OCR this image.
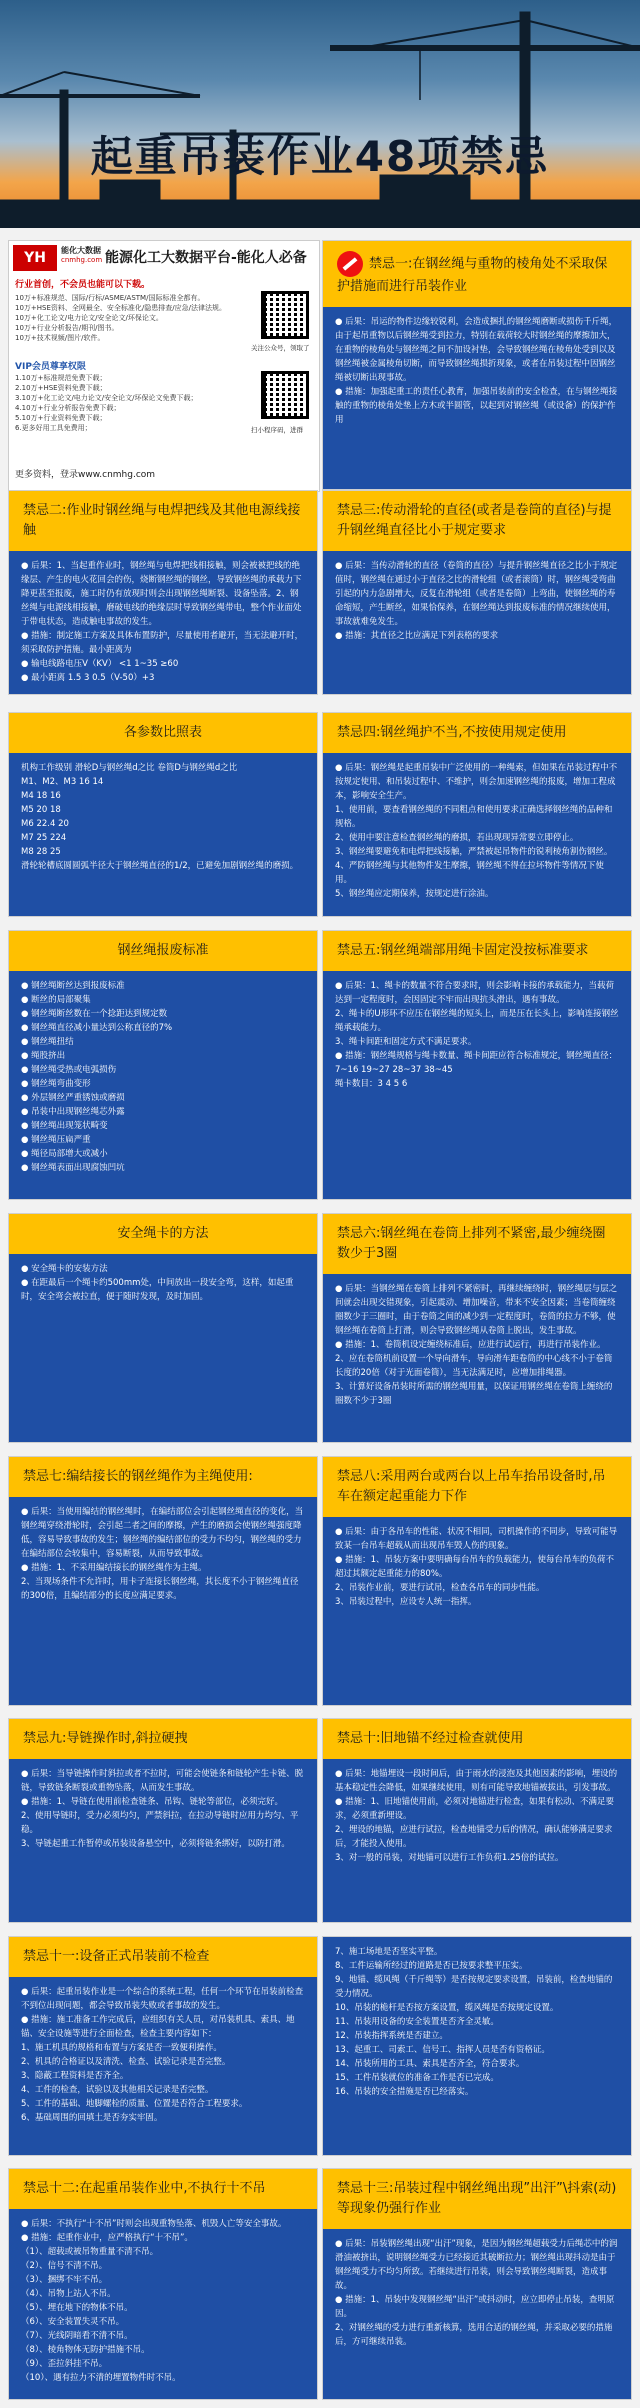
起重吊装作业48项禁忌
YH	能化大数据
cnmhg.com 能源化工大数据平台-能化人必备
行业首创，不会员也能可以下载。
10万+标准规范、国际/行标/ASME/ASTM/国际标准全都有。
10万+HSE资料、全网最全、安全标准化/隐患排查/应急/法律法规。
10万+化工论文/电力论文/安全论文/环保论文。
10万+行业分析报告/期刊/图书。
10万+技术视频/图片/软件。
关注公众号，领取了
VIP会员尊享权限
1.10万+标准规范免费下载；
2.10万+HSE资料免费下载；
3.10万+化工论文/电力论文/安全论文/环保论文免费下载；
4.10万+行业分析报告免费下载；
5.10万+行业资料免费下载；
6.更多好用工具免费用；	扫小程序码，进群
更多资料，登录www.cnmhg.com
禁忌一:在钢丝绳与重物的棱角处不采取保护措施而进行吊装作业
● 后果：吊运的物件边缘较锐利，会造成捆扎的钢丝绳磨断或损伤千斤绳，由于起吊重物以后钢丝绳受到拉力，特别在载荷较大时钢丝绳的摩擦加大，在重物的棱角处与钢丝绳之间不加设衬垫，会导致钢丝绳在棱角处受到以及钢丝绳被金属棱角切断，而导致钢丝绳损折现象，或者在吊装过程中因钢丝绳被切断出现事故。
● 措施：加强起重工的责任心教育，加强吊装前的安全检查，在与钢丝绳接触的重物的棱角处垫上方木或半圆管，以起到对钢丝绳（或设备）的保护作用
禁忌二:作业时钢丝绳与电焊把线及其他电源线接触
● 后果：1、当起重作业时，钢丝绳与电焊把线相接触，则会被被把线的绝缘层、产生的电火花回会的伤，烧断钢丝绳的钢丝，导致钢丝绳的承载力下降更甚至报废，施工时仍有放现时则会出现钢丝绳断裂、设备坠落。2、钢丝绳与电源线相接触，磨破电线的绝缘层时导致钢丝绳带电，整个作业面处于带电状态，造成触电事故的发生。
● 措施：制定施工方案及具体布置防护，尽量使用者避开，当无法避开时，须采取防护措施。最小距离为
● 输电线路电压V（KV） <1 1~35 ≥60
● 最小距离 1.5 3 0.5（V-50）+3
禁忌三:传动滑轮的直径(或者是卷筒的直径)与提升钢丝绳直径比小于规定要求
● 后果：当传动滑轮的直径（卷筒的直径）与提升钢丝绳直径之比小于规定值时，钢丝绳在通过小于直径之比的滑轮组（或者滚筒）时，钢丝绳受弯曲引起的内力急剧增大，反复在滑轮组（或者是卷筒）上弯曲，使钢丝绳的寿命缩短，产生断丝，如果恰保养，在钢丝绳达到报废标准的情况继续使用，事故就难免发生。
● 措施：其直径之比应满足下列表格的要求
各参数比照表
机构工作级别 滑轮D与钢丝绳d之比 卷筒D与钢丝绳d之比
M1、M2、M3 16 14
M4 18 16
M5 20 18
M6 22.4 20
M7 25 224
M8 28 25
滑轮轮槽底圆圆弧半径大于钢丝绳直径的1/2，已避免加剧钢丝绳的磨损。
禁忌四:钢丝绳护不当,不按使用规定使用
● 后果：钢丝绳是起重吊装中广泛使用的一种绳索，但如果在吊装过程中不按规定使用、和吊装过程中、不维护，则会加速钢丝绳的报废，增加工程成本，影响安全生产。
1、使用前，要查看钢丝绳的不同粗点和使用要求正确选择钢丝绳的品种和规格。
2、使用中要注意检查钢丝绳的磨损，若出现现异常要立即停止。
3、钢丝绳要避免和电焊把线接触，严禁被起吊物件的锐利棱角割伤钢丝。
4、严防钢丝绳与其他物件发生摩擦，钢丝绳不得在拉坏物件等情况下使用。
5、钢丝绳应定期保养，按规定进行涂油。
钢丝绳报废标准
● 钢丝绳断丝达到报废标准
● 断丝的局部聚集
● 钢丝绳断丝数在一个捻距达到规定数
● 钢丝绳直径减小量达到公称直径的7%
● 钢丝绳扭结
● 绳股挤出
● 钢丝绳受热或电弧损伤
● 钢丝绳弯曲变形
● 外层钢丝严重锈蚀或磨损
● 吊装中出现钢丝绳芯外露
● 钢丝绳出现笼状畸变
● 钢丝绳压扁严重
● 绳径局部增大或减小
● 钢丝绳表面出现腐蚀凹坑
禁忌五:钢丝绳端部用绳卡固定没按标准要求
● 后果：1、绳卡的数量不符合要求时，则会影响卡接的承载能力，当载荷达到一定程度时，会因固定不牢而出现抗头滑出，遇有事故。
2、绳卡的U形环不应压在钢丝绳的短头上，而是压在长头上，影响连接钢丝绳承载能力。
3、绳卡间距和固定方式不满足要求。
● 措施：钢丝绳规格与绳卡数量、绳卡间距应符合标准规定，钢丝绳直径：7~16 19~27 28~37 38~45
绳卡数目：3 4 5 6
安全绳卡的方法
● 安全绳卡的安装方法
● 在距最后一个绳卡约500mm处，中间放出一段安全弯，这样，如起重时，安全弯会被拉直，便于随时发现，及时加固。
禁忌六:钢丝绳在卷筒上排列不紧密,最少缠绕圈数少于3圈
● 后果：当钢丝绳在卷筒上排列不紧密时，再继续缠绕时，钢丝绳层与层之间就会出现交错现象，引起震动、增加噪音，带来不安全因素；当卷筒缠绕圈数少于三圈时，由于卷筒之间的减少到一定程度时，卷筒的拉力不够，使钢丝绳在卷筒上打滑，则会导致钢丝绳从卷筒上脱出，发生事故。
● 措施：1、卷筒机设定缠绕标准后，应进行试运行，再进行吊装作业。
2、应在卷筒机前设置一个导向滑车，导向滑车距卷筒的中心线不小于卷筒长度的20倍（对于光面卷筒），当无法满足时，应增加排绳器。
3、计算好设备吊装时所需的钢丝绳用量，以保证用钢丝绳在卷筒上缠绕的圈数不少于3圈
禁忌七:编结接长的钢丝绳作为主绳使用:
● 后果：当使用编结的钢丝绳时，在编结部位会引起钢丝绳直径的变化，当钢丝绳穿绕滑轮时，会引起二者之间的摩擦，产生的磨损会使钢丝绳强度降低，容易导致事故的发生；钢丝绳的编结部位的受力不均匀，钢丝绳的受力在编结部位会较集中，容易断裂，从而导致事故。
● 措施：1、不采用编结接长的钢丝绳作为主绳。
2、当现场条件不允许时，用卡子连接长钢丝绳，其长度不小于钢丝绳直径的300倍，且编结部分的长度应满足要求。
禁忌八:采用两台或两台以上吊车抬吊设备时,吊车在额定起重能力下作
● 后果：由于各吊车的性能、状况不相同，司机操作的不同步，导致可能导致某一台吊车超载从而出现吊车毁人伤的现象。
● 措施：1、吊装方案中要明确每台吊车的负载能力，使每台吊车的负荷不超过其额定起重能力的80%。
2、吊装作业前，要进行试吊，检查各吊车的同步性能。
3、吊装过程中，应设专人统一指挥。
禁忌九:导链操作时,斜拉硬拽
● 后果：当导链操作时斜拉或者不拉时，可能会使链条和链轮产生卡链、脱链，导致链条断裂或重物坠落，从而发生事故。
● 措施：1、导链在使用前检查链条、吊钩、链轮等部位，必须完好。
2、使用导链时，受力必须均匀，严禁斜拉，在拉动导链时应用力均匀、平稳。
3、导链起重工作暂停或吊装设备悬空中，必须将链条绑好，以防打滑。
禁忌十:旧地锚不经过检查就使用
● 后果：地锚埋设一段时间后，由于雨水的浸泡及其他因素的影响，埋设的基本稳定性会降低，如果继续使用，则有可能导致地锚被拔出，引发事故。
● 措施：1、旧地锚使用前，必须对地锚进行检查，如果有松动、不满足要求，必须重新埋设。
2、埋设的地锚，应进行试拉，检查地锚受力后的情况，确认能够满足要求后，才能投入使用。
3、对一般的吊装，对地锚可以进行工作负荷1.25倍的试拉。
禁忌十一:设备正式吊装前不检查
● 后果：起重吊装作业是一个综合的系统工程，任何一个环节在吊装前检查不到位出现问题，都会导致吊装失败或者事故的发生。
● 措施：施工准备工作完成后，应组织有关人员，对吊装机具、索具、地锚、安全设施等进行全面检查，检查主要内容如下：
1、施工机具的规格和布置与方案是否一致便利操作。
2、机具的合格证以及清洗、检查、试验记录是否完整。
3、隐蔽工程资料是否齐全。
4、工件的检查，试验以及其他相关记录是否完整。
5、工件的基础、地脚螺栓的质量、位置是否符合工程要求。
6、基础周围的回填土是否夯实牢固。
7、施工场地是否坚实平整。
8、工件运输所经过的道路是否已按要求整平压实。
9、地锚、缆风绳（千斤绳等）是否按规定要求设置，吊装前，检查地锚的受力情况。
10、吊装的桅杆是否按方案设置，缆风绳是否按规定设置。
11、吊装用设备的安全装置是否齐全灵敏。
12、吊装指挥系统是否建立。
13、起重工、司索工、信号工、指挥人员是否有资格证。
14、吊装所用的工具、索具是否齐全，符合要求。
15、工件吊装就位的准备工作是否已完成。
16、吊装的安全措施是否已经落实。
禁忌十二:在起重吊装作业中,不执行十不吊
● 后果：不执行“十不吊”时则会出现重物坠落、机毁人亡等安全事故。
● 措施：起重作业中，应严格执行“十不吊”。
（1）、超载或被吊物重量不清不吊。
（2）、信号不清不吊。
（3）、捆绑不牢不吊。
（4）、吊物上站人不吊。
（5）、埋在地下的物体不吊。
（6）、安全装置失灵不吊。
（7）、光线阴暗看不清不吊。
（8）、棱角物体无防护措施不吊。
（9）、歪拉斜挂不吊。
（10）、遇有拉力不清的埋置物件时不吊。
禁忌十三:吊装过程中钢丝绳出现”出汗”\抖索(动)等现象仍强行作业
● 后果：吊装钢丝绳出现“出汗”现象，是因为钢丝绳超载受力后绳芯中的润滑油被挤出，说明钢丝绳受力已经接近其破断拉力；钢丝绳出现抖动是由于钢丝绳受力不均匀所致。若继续进行吊装，则会导致钢丝绳断裂，造成事故。
● 措施：1、吊装中发现钢丝绳“出汗”或抖动时，应立即停止吊装，查明原因。
2、对钢丝绳的受力进行重新核算，选用合适的钢丝绳，并采取必要的措施后，方可继续吊装。
